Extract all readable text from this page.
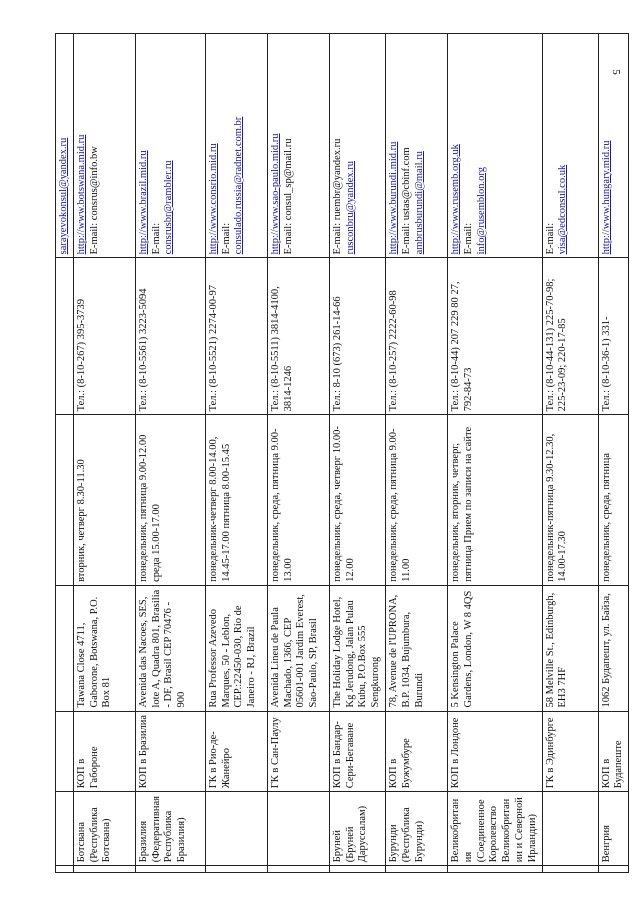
5
						sarayevokonsul@yandex.ru
	Ботсвана (Республика Ботсвана)	КОП в Габороне	Tawana Close 4711, Gaborone, Botswana, P.O. Box 81	вторник, четверг 8.30-11.30	Тел.: (8-10-267) 395-3739	http://www.botswana.mid.ru E-mail: consrus@info.bw

	Бразилия (Федеративная Республика Бразилия)	КОП в Бразилиа	Avenida das Nacoes, SES, lote A, Quadra 801, Brasilia - DF, Brasil CEP 70476 - 900	понедельник, пятница 9.00-12.00 среда 15.00-17.00	Тел.: (8-10-5561) 3223-5094	http://www.brazil.mid.ru E-mail: consrusbr@rambler.ru

		ГК в Рио-де-Жанейро	Rua Professor Azevedo Marques, 50 - Leblon, CEP.:22450-030, Rio de Janeiro - RJ, Brazil	понедельник-четверг 8.00-14.00, 14.45-17.00 пятница 8.00-15.45	Тел.: (8-10-5521) 2274-00-97	http://www.consrio.mid.ru E-mail: consulado.russia@radnet.com.br

		ГК в Сан-Паулу	Avenida Lineu de Paula Machado, 1366, CEP 05601-001 Jardim Everest, Sao-Paulo, SP, Brasil	понедельник, среда, пятница 9.00-13.00	Тел.: (8-10-5511) 3814-4100, 3814-1246	http://www.sao-paulo.mid.ru E-mail: consul_sp@mail.ru

	Бруней (Бруней Даруссалам)	КОП в Бандар-Сери-Бегаване	The Holiday Lodge Hotel, Kg Jerudong, Jalan Pulau Kubu, P.O.Box 555 Sengkurong	понедельник, среда, четверг 10.00-12.00	Тел.: 8-10 (673) 261-14-66	E-mail: ruembr@yandex.ru rusconbru@yandex.ru

	Бурунди (Республика Бурунди)	КОП в Бужумбуре	78, Avenue de l'UPRONA, B.P. 1034, Bujumbura, Burundi	понедельник, среда, пятница 9.00-11.00	Тел.: (8-10-257) 2222-60-98	http://www.burundi.mid.ru E-mail: ustas@cbinf.com ambrusburundi@mail.ru

	Великобритания (Соединенное Королевство Великобритании и Северной Ирландии)	КОП в Лондоне	5 Kensington Palace Gardens, London, W 8 4QS	понедельник, вторник, четверг, пятница Прием по записи на сайте	Тел.: (8-10-44) 207 229 80 27, 792-84-73	http://www.rusemb.org.uk E-mail: info@rusemblon.org

		ГК в Эдинбурге	58 Melville St., Edinburgh, EH3 7HF	понедельник-пятница 9.30-12.30, 14.00-17.30	Тел.: (8-10-44-131) 225-70-98; 225-23-09; 220-17-85	E-mail: visa@edconsul.co.uk

	Венгрия	КОП в Будапеште	1062 Будапешт, ул. Байза,	понедельник, среда, пятница	Тел.: (8-10-36-1) 331-	http://www.hungary.mid.ru
